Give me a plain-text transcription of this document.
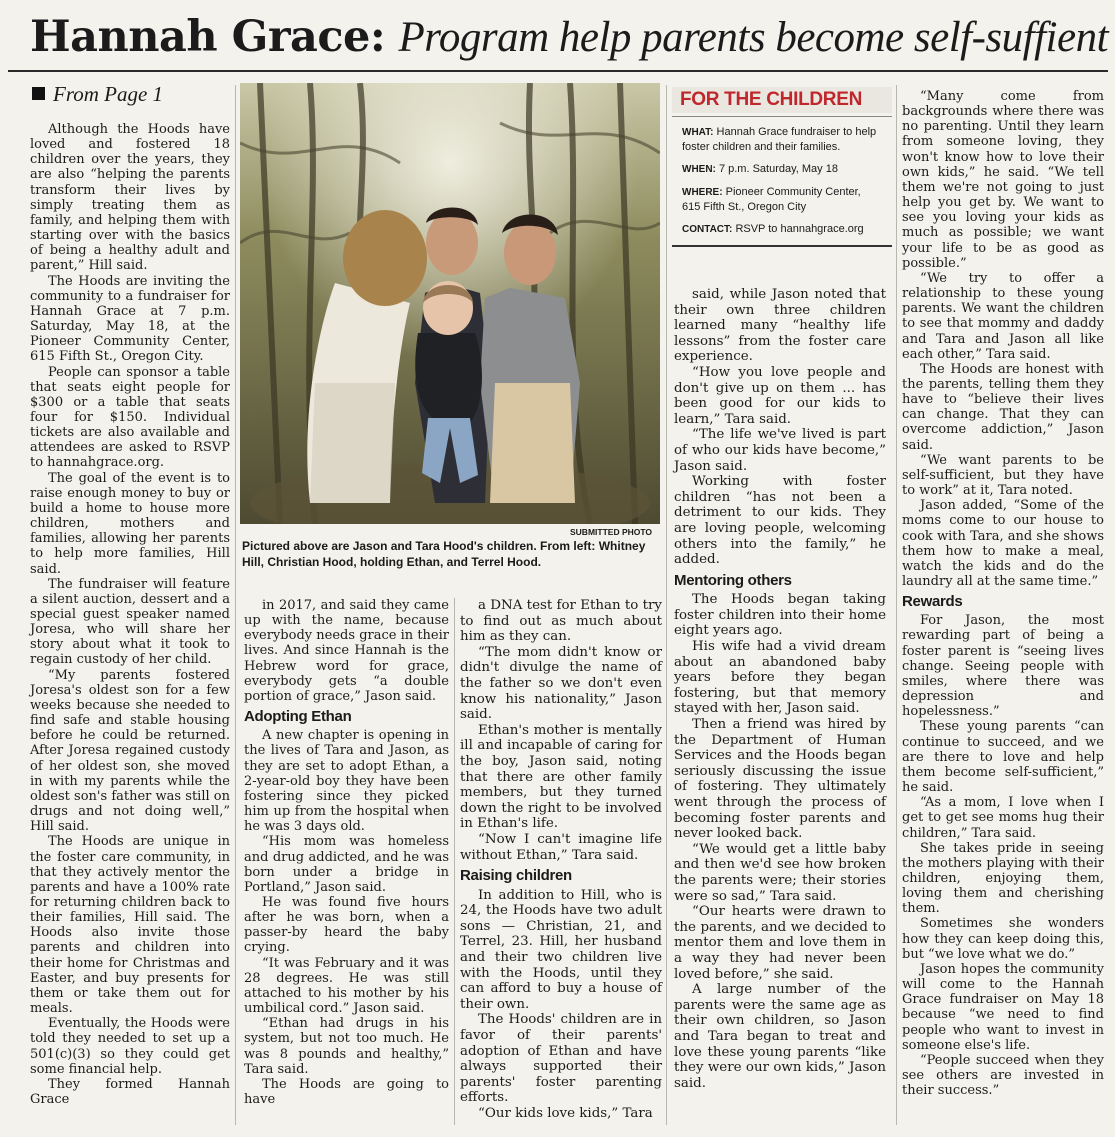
Hannah Grace: Program help parents become self-suffient
From Page 1

Although the Hoods have loved and fostered 18 children over the years, they are also “helping the parents transform their lives by simply treating them as family, and helping them with starting over with the basics of being a healthy adult and parent,” Hill said.

The Hoods are inviting the community to a fundraiser for Hannah Grace at 7 p.m. Saturday, May 18, at the Pioneer Community Center, 615 Fifth St., Oregon City.

People can sponsor a table that seats eight people for $300 or a table that seats four for $150. Individual tickets are also available and attendees are asked to RSVP to hannahgrace.org.

The goal of the event is to raise enough money to buy or build a home to house more children, mothers and families, allowing her parents to help more families, Hill said.

The fundraiser will feature a silent auction, dessert and a special guest speaker named Joresa, who will share her story about what it took to regain custody of her child.

“My parents fostered Joresa's oldest son for a few weeks because she needed to find safe and stable housing before he could be returned. After Joresa regained custody of her oldest son, she moved in with my parents while the oldest son's father was still on drugs and not doing well,” Hill said.

The Hoods are unique in the foster care community, in that they actively mentor the parents and have a 100% rate for returning children back to their families, Hill said. The Hoods also invite those parents and children into their home for Christmas and Easter, and buy presents for them or take them out for meals.

Eventually, the Hoods were told they needed to set up a 501(c)(3) so they could get some financial help.

They formed Hannah Grace

SUBMITTED PHOTO
Pictured above are Jason and Tara Hood's children. From left: Whitney Hill, Christian Hood, holding Ethan, and Terrel Hood.
FOR THE CHILDREN
WHAT: Hannah Grace fundraiser to help foster children and their families.
WHEN: 7 p.m. Saturday, May 18
WHERE: Pioneer Community Center, 615 Fifth St., Oregon City
CONTACT: RSVP to hannahgrace.org

in 2017, and said they came up with the name, because everybody needs grace in their lives. And since Hannah is the Hebrew word for grace, everybody gets “a double portion of grace,” Jason said.

Adopting Ethan

A new chapter is opening in the lives of Tara and Jason, as they are set to adopt Ethan, a 2-year-old boy they have been fostering since they picked him up from the hospital when he was 3 days old.

“His mom was homeless and drug addicted, and he was born under a bridge in Portland,” Jason said.

He was found five hours after he was born, when a passer-by heard the baby crying.

“It was February and it was 28 degrees. He was still attached to his mother by his umbilical cord.” Jason said.

“Ethan had drugs in his system, but not too much. He was 8 pounds and healthy,” Tara said.

The Hoods are going to have

a DNA test for Ethan to try to find out as much about him as they can.

“The mom didn't know or didn't divulge the name of the father so we don't even know his nationality,” Jason said.

Ethan's mother is mentally ill and incapable of caring for the boy, Jason said, noting that there are other family members, but they turned down the right to be involved in Ethan's life.

“Now I can't imagine life without Ethan,” Tara said.

Raising children

In addition to Hill, who is 24, the Hoods have two adult sons — Christian, 21, and Terrel, 23. Hill, her husband and their two children live with the Hoods, until they can afford to buy a house of their own.

The Hoods' children are in favor of their parents' adoption of Ethan and have always supported their parents' foster parenting efforts.

“Our kids love kids,” Tara

said, while Jason noted that their own three children learned many “healthy life lessons” from the foster care experience.

“How you love people and don't give up on them ... has been good for our kids to learn,” Tara said.

“The life we've lived is part of who our kids have become,” Jason said.

Working with foster children “has not been a detriment to our kids. They are loving people, welcoming others into the family,” he added.

Mentoring others

The Hoods began taking foster children into their home eight years ago.

His wife had a vivid dream about an abandoned baby years before they began fostering, but that memory stayed with her, Jason said.

Then a friend was hired by the Department of Human Services and the Hoods began seriously discussing the issue of fostering. They ultimately went through the process of becoming foster parents and never looked back.

“We would get a little baby and then we'd see how broken the parents were; their stories were so sad,” Tara said.

“Our hearts were drawn to the parents, and we decided to mentor them and love them in a way they had never been loved before,” she said.

A large number of the parents were the same age as their own children, so Jason and Tara began to treat and love these young parents “like they were our own kids,” Jason said.

“Many come from backgrounds where there was no parenting. Until they learn from someone loving, they won't know how to love their own kids,” he said. “We tell them we're not going to just help you get by. We want to see you loving your kids as much as possible; we want your life to be as good as possible.”

“We try to offer a relationship to these young parents. We want the children to see that mommy and daddy and Tara and Jason all like each other,” Tara said.

The Hoods are honest with the parents, telling them they have to “believe their lives can change. That they can overcome addiction,” Jason said.

“We want parents to be self-sufficient, but they have to work” at it, Tara noted.

Jason added, “Some of the moms come to our house to cook with Tara, and she shows them how to make a meal, watch the kids and do the laundry all at the same time.”

Rewards

For Jason, the most rewarding part of being a foster parent is “seeing lives change. Seeing people with smiles, where there was depression and hopelessness.”

These young parents “can continue to succeed, and we are there to love and help them become self-sufficient,” he said.

“As a mom, I love when I get to get see moms hug their children,” Tara said.

She takes pride in seeing the mothers playing with their children, enjoying them, loving them and cherishing them.

Sometimes she wonders how they can keep doing this, but “we love what we do.”

Jason hopes the community will come to the Hannah Grace fundraiser on May 18 because “we need to find people who want to invest in someone else's life.

“People succeed when they see others are invested in their success.”
